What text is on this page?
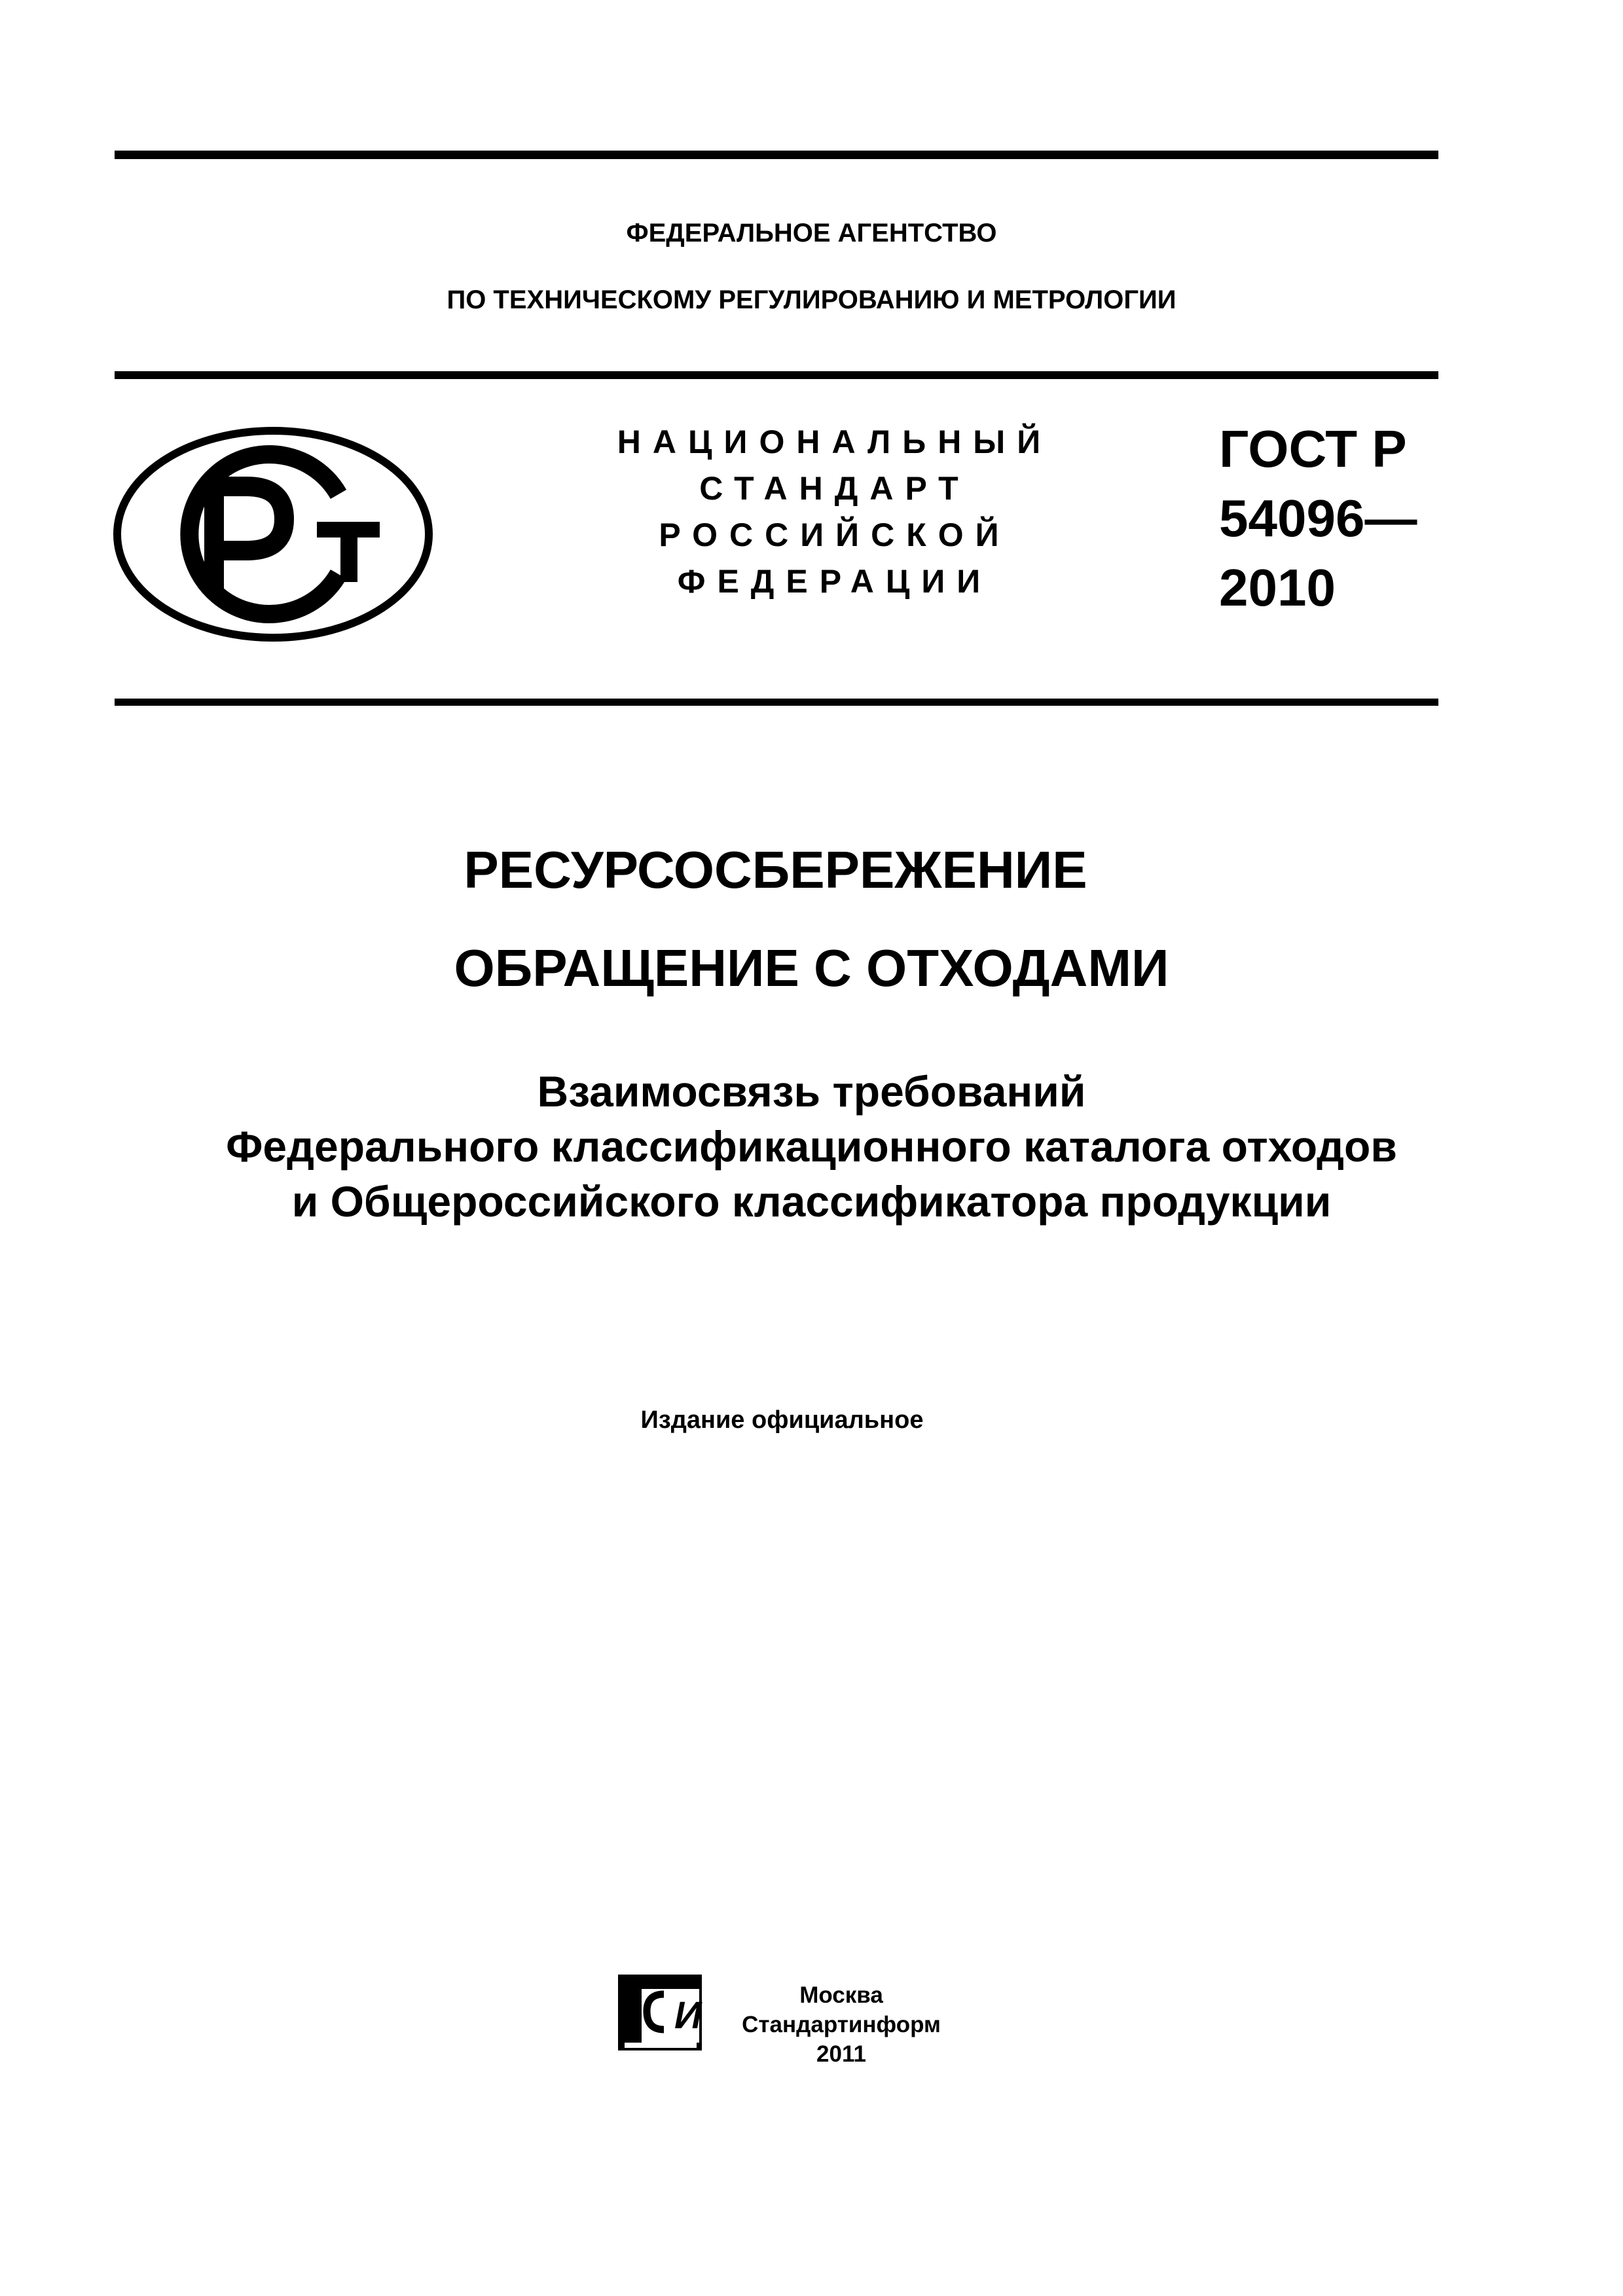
ФЕДЕРАЛЬНОЕ АГЕНТСТВО
ПО ТЕХНИЧЕСКОМУ РЕГУЛИРОВАНИЮ И МЕТРОЛОГИИ
НАЦИОНАЛЬНЫЙ
СТАНДАРТ
РОССИЙСКОЙ
ФЕДЕРАЦИИ
ГОСТ Р
54096—
2010
РЕСУРСОСБЕРЕЖЕНИЕ
ОБРАЩЕНИЕ С ОТХОДАМИ
Взаимосвязь требований
Федерального классификационного каталога отходов
и Общероссийского классификатора продукции
Издание официальное
И	Москва
Стандартинформ
2011
